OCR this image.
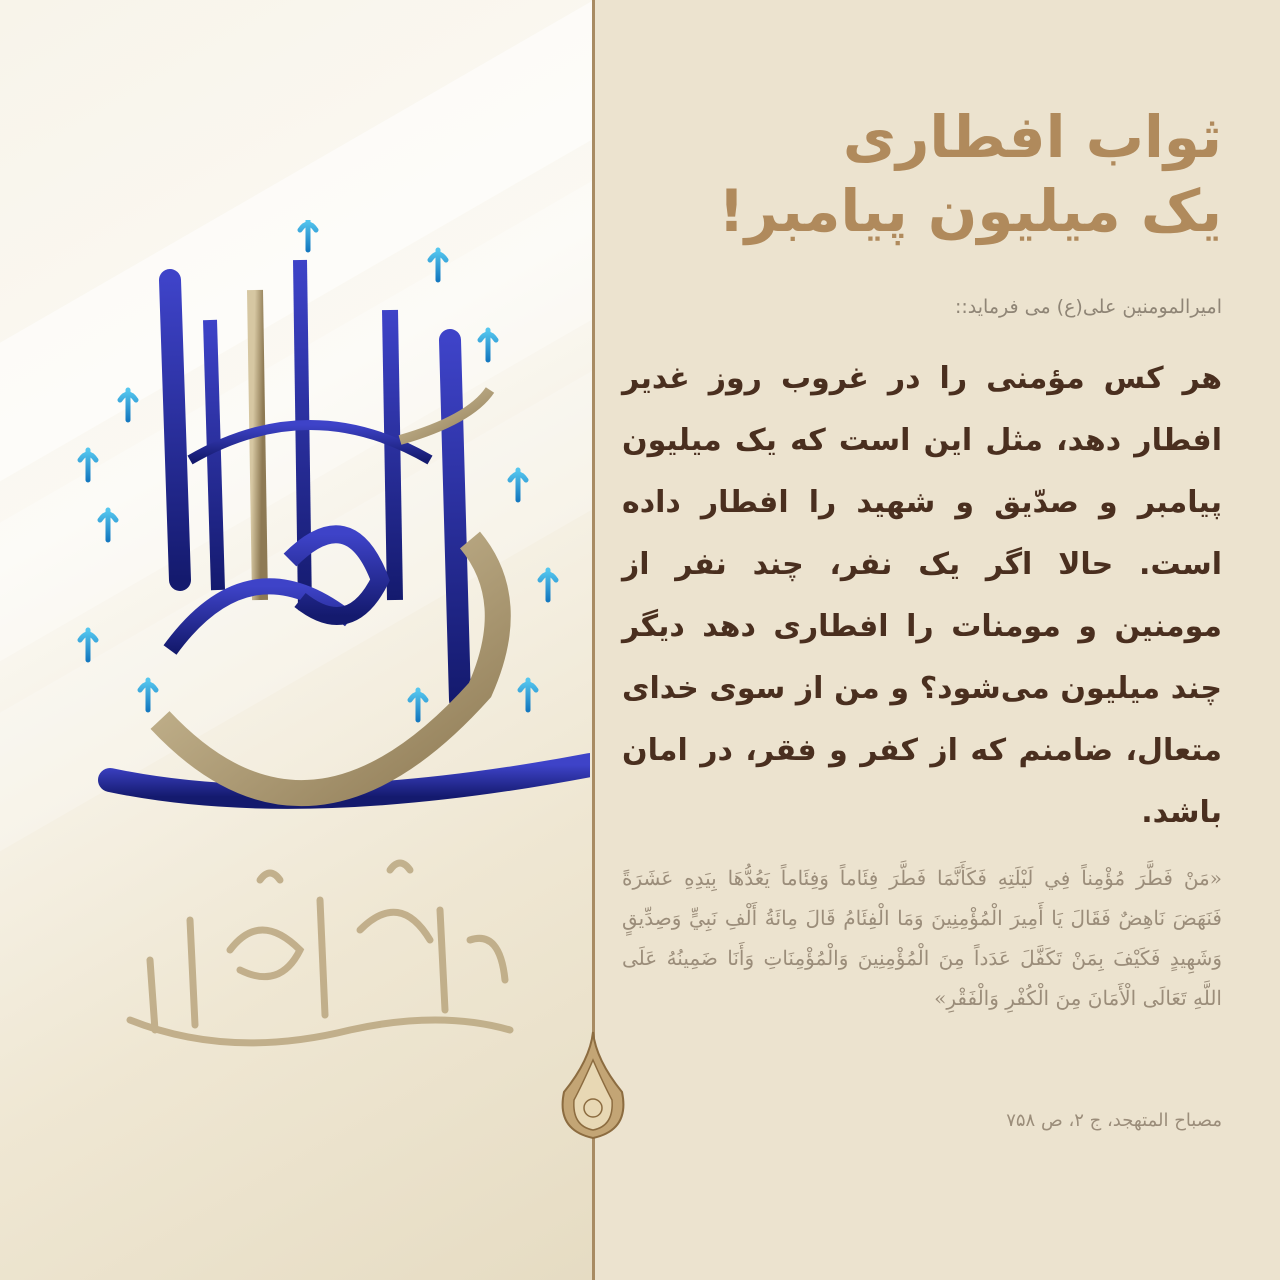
ثواب افطاری
یک میلیون پیامبر!
امیرالمومنین علی(ع) می فرماید::
هر کس مؤمنی را در غروب روز غدیر افطار دهد، مثل این است که یک میلیون پیامبر و صدّیق و شهید را افطار داده است. حالا اگر یک نفر، چند نفر از مومنین و مومنات را افطاری دهد دیگر چند میلیون می‌شود؟ و من از سوی خدای متعال، ضامنم که از کفر و فقر، در امان باشد.
«مَنْ فَطَّرَ مُؤْمِناً فِي لَيْلَتِهِ فَكَأَنَّمَا فَطَّرَ فِئَاماً وَفِئَاماً يَعُدُّهَا بِيَدِهِ عَشَرَةً فَنَهَضَ نَاهِضٌ فَقَالَ يَا أَمِيرَ الْمُؤْمِنِينَ وَمَا الْفِئَامُ قَالَ مِائَةُ أَلْفِ نَبِيٍّ وَصِدِّيقٍ وَشَهِيدٍ فَكَيْفَ بِمَنْ تَكَفَّلَ عَدَداً مِنَ الْمُؤْمِنِينَ وَالْمُؤْمِنَاتِ وَأَنَا ضَمِينُهُ عَلَى اللَّهِ تَعَالَى الْأَمَانَ مِنَ الْكُفْرِ وَالْفَقْرِ»
مصباح المتهجد، ج ۲، ص ۷۵۸
